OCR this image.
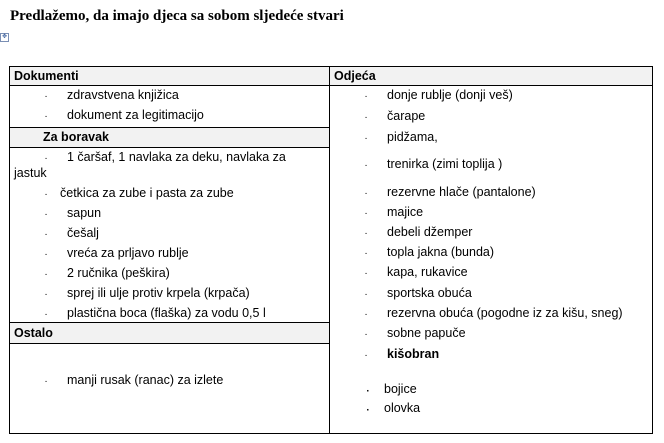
Predlažemo, da imajo djeca sa sobom sljedeće stvari
✥
Dokumenti
Za boravak
Ostalo
· zdravstvena knjižica
· dokument za legitimacijo
· 1 čaršaf, 1 navlaka za deku, navlaka za
jastuk
· četkica za zube i pasta za zube
· sapun
· češalj
· vreća za prljavo rublje
· 2 ručnika (peškira)
· sprej ili ulje protiv krpela (krpača)
· plastična boca (flaška) za vodu 0,5 l
· manji rusak (ranac) za izlete
Odjeća
· donje rublje (donji veš)
· čarape
· pidžama,
· trenirka (zimi toplija )
· rezervne hlače (pantalone)
· majice
· debeli džemper
· topla jakna (bunda)
· kapa, rukavice
· sportska obuća
· rezervna obuća (pogodne iz za kišu, sneg)
· sobne papuče
· kišobran
· bojice
· olovka
